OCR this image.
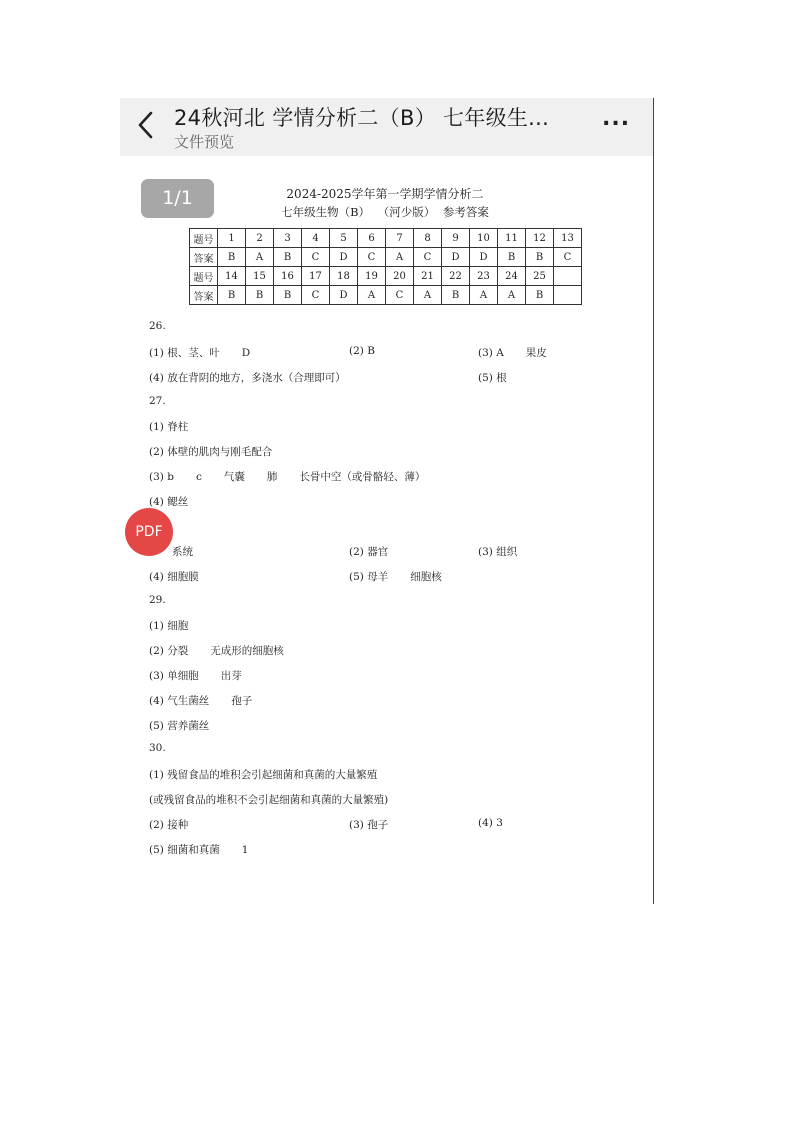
24秋河北 学情分析二（B） 七年级生...
文件预览
...
1/1	2024-2025学年第一学期学情分析二
七年级生物（B） （河少版） 参考答案
题号	1	2	3	4	5	6	7	8	9	10	11	12	13
答案	B	A	B	C	D	C	A	C	D	D	B	B	C
题号	14	15	16	17	18	19	20	21	22	23	24	25	
答案	B	B	B	C	D	A	C	A	B	A	A	B	
26.
(1) 根、茎、叶 D	(2) B	(3) A 果皮
(4) 放在背阴的地方，多浇水（合理即可）	(5) 根
27.
(1) 脊柱
(2) 体壁的肌肉与刚毛配合
(3) b c 气囊 肺 长骨中空（或骨骼轻、薄）
(4) 鳃丝
系统	(2) 器官	(3) 组织
(4) 细胞膜	(5) 母羊 细胞核
29.
(1) 细胞
(2) 分裂 无成形的细胞核
(3) 单细胞 出芽
(4) 气生菌丝 孢子
(5) 营养菌丝
30.
(1) 残留食品的堆积会引起细菌和真菌的大量繁殖
(或残留食品的堆积不会引起细菌和真菌的大量繁殖)
(2) 接种	(3) 孢子	(4) 3
(5) 细菌和真菌 1
PDF
